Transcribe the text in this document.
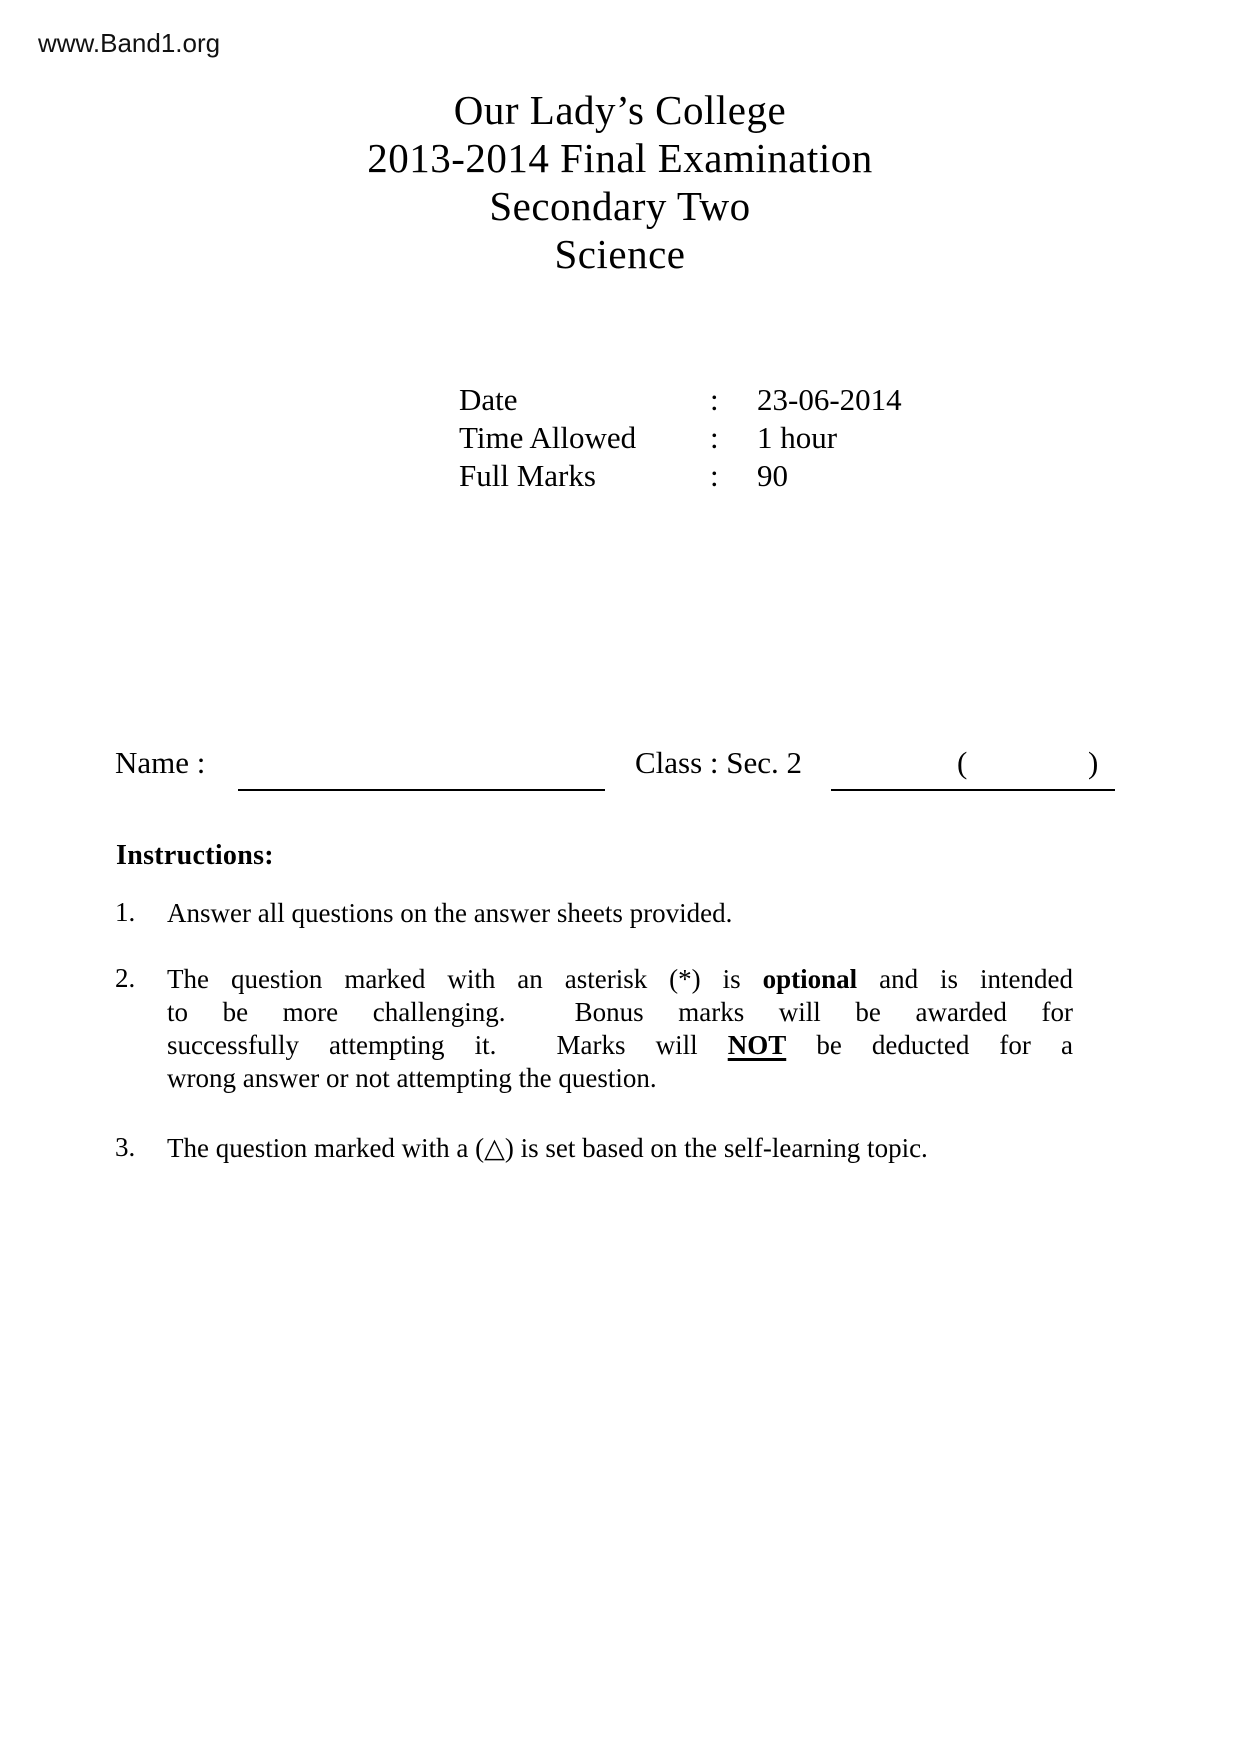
www.Band1.org
Our Lady’s College
2013-2014 Final Examination
Secondary Two
Science
Date	:	23-06-2014
Time Allowed	:	1 hour
Full Marks	:	90
Name :	Class : Sec. 2	(	)
Instructions:
1.	Answer all questions on the answer sheets provided.
2.	The question marked with an asterisk (*) is optional and is intended
to be more challenging.  Bonus marks will be awarded for
successfully attempting it.  Marks will NOT be deducted for a
wrong answer or not attempting the question.
3.	The question marked with a (△) is set based on the self-learning topic.
